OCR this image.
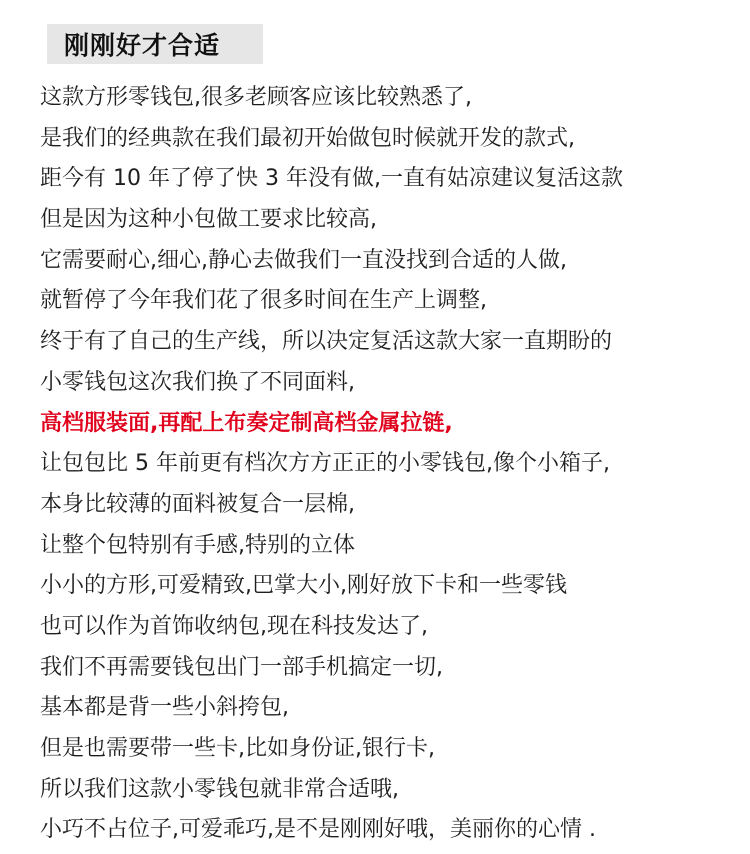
刚刚好才合适
这款方形零钱包,很多老顾客应该比较熟悉了,
是我们的经典款在我们最初开始做包时候就开发的款式,
距今有 10 年了停了快 3 年没有做,一直有姑凉建议复活这款
但是因为这种小包做工要求比较高,
它需要耐心,细心,静心去做我们一直没找到合适的人做,
就暂停了今年我们花了很多时间在生产上调整,
终于有了自己的生产线，所以决定复活这款大家一直期盼的
小零钱包这次我们换了不同面料,
高档服装面,再配上布奏定制高档金属拉链,
让包包比 5 年前更有档次方方正正的小零钱包,像个小箱子,
本身比较薄的面料被复合一层棉,
让整个包特别有手感,特别的立体
小小的方形,可爱精致,巴掌大小,刚好放下卡和一些零钱
也可以作为首饰收纳包,现在科技发达了,
我们不再需要钱包出门一部手机搞定一切,
基本都是背一些小斜挎包,
但是也需要带一些卡,比如身份证,银行卡,
所以我们这款小零钱包就非常合适哦,
小巧不占位子,可爱乖巧,是不是刚刚好哦，美丽你的心情 .
